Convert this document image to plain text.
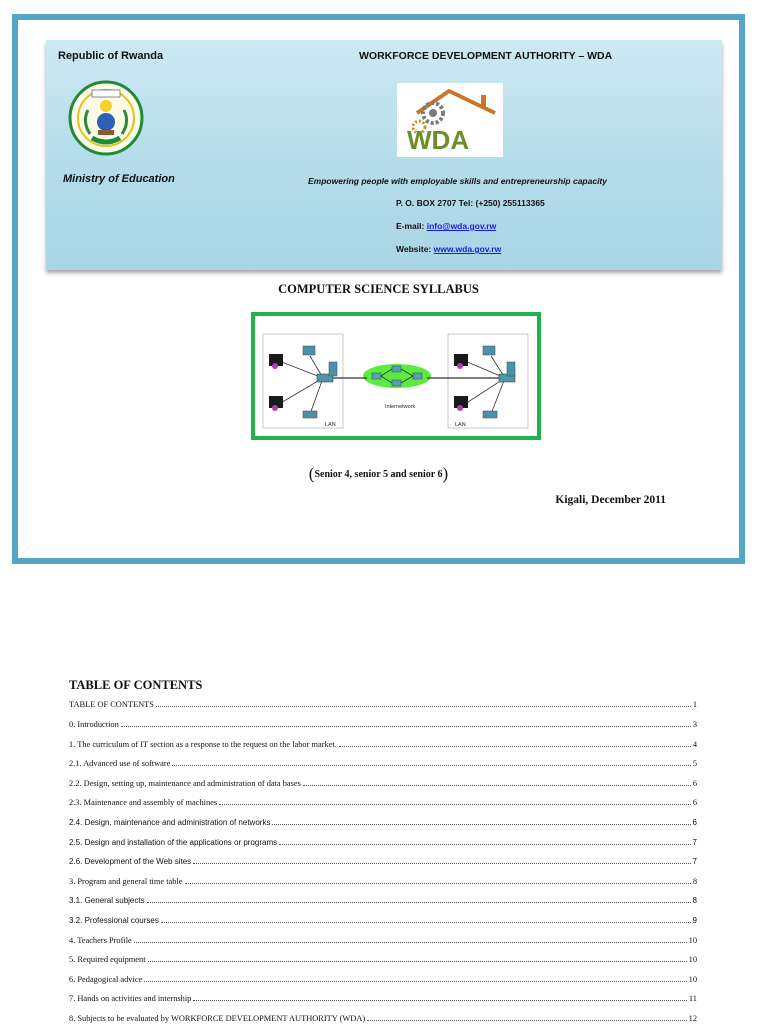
Republic of Rwanda	WORKFORCE DEVELOPMENT AUTHORITY – WDA
WDA
Ministry of Education	Empowering people with employable skills and entrepreneurship capacity
P. O. BOX 2707 Tel: (+250) 255113365
E-mail: info@wda.gov.rw
Website: www.wda.gov.rw
COMPUTER SCIENCE SYLLABUS
Internetwork
LAN	LAN
(Senior 4, senior 5 and senior 6)
Kigali, December 2011
TABLE OF CONTENTS
TABLE OF CONTENTS	1
0. Introduction	3
1. The curriculum of IT section as a response to the request on the labor market.	4
2.1. Advanced use of software	5
2.2. Design, setting up, maintenance and administration of data bases	6
2.3. Maintenance and assembly of machines	6
2.4. Design, maintenance and administration of networks	6
2.5. Design and installation of the applications or programs	7
2.6. Development of the Web sites	7
3. Program and general time table	8
3.1. General subjects	8
3.2. Professional courses	9
4. Teachers Profile	10
5. Required equipment	10
6. Pedagogical advice	10
7. Hands on activities and internship	11
8. Subjects to be evaluated by WORKFORCE DEVELOPMENT AUTHORITY (WDA)	12
